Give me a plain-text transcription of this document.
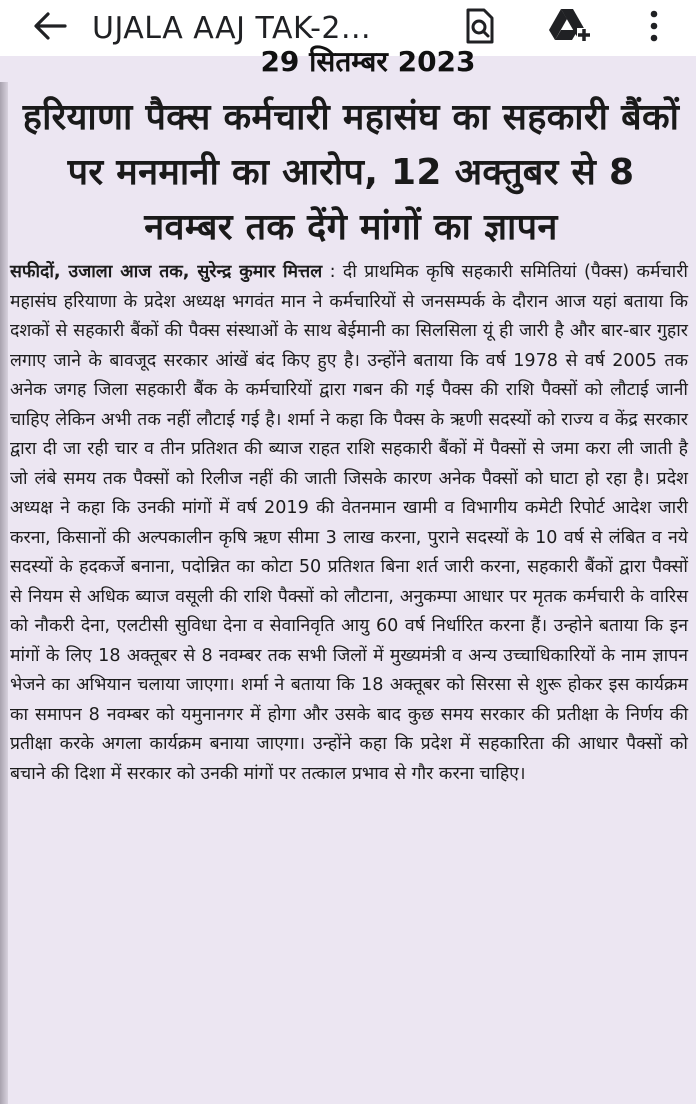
UJALA AAJ TAK-2...
29 सितम्बर 2023
हरियाणा पैक्स कर्मचारी महासंघ का सहकारी बैंकों पर मनमानी का आरोप, 12 अक्तुबर से 8 नवम्बर तक देंगे मांगों का ज्ञापन
सफीदों, उजाला आज तक, सुरेन्द्र कुमार मित्तल : दी प्राथमिक कृषि सहकारी समितियां (पैक्स) कर्मचारी महासंघ हरियाणा के प्रदेश अध्यक्ष भगवंत मान ने कर्मचारियों से जनसम्पर्क के दौरान आज यहां बताया कि दशकों से सहकारी बैंकों की पैक्स संस्थाओं के साथ बेईमानी का सिलसिला यूं ही जारी है और बार-बार गुहार लगाए जाने के बावजूद सरकार आंखें बंद किए हुए है। उन्होंने बताया कि वर्ष 1978 से वर्ष 2005 तक अनेक जगह जिला सहकारी बैंक के कर्मचारियों द्वारा गबन की गई पैक्स की राशि पैक्सों को लौटाई जानी चाहिए लेकिन अभी तक नहीं लौटाई गई है। शर्मा ने कहा कि पैक्स के ऋणी सदस्यों को राज्य व केंद्र सरकार द्वारा दी जा रही चार व तीन प्रतिशत की ब्याज राहत राशि सहकारी बैंकों में पैक्सों से जमा करा ली जाती है जो लंबे समय तक पैक्सों को रिलीज नहीं की जाती जिसके कारण अनेक पैक्सों को घाटा हो रहा है। प्रदेश अध्यक्ष ने कहा कि उनकी मांगों में वर्ष 2019 की वेतनमान खामी व विभागीय कमेटी रिपोर्ट आदेश जारी करना, किसानों की अल्पकालीन कृषि ऋण सीमा 3 लाख करना, पुराने सदस्यों के 10 वर्ष से लंबित व नये सदस्यों के हदकर्जे बनाना, पदोन्नित का कोटा 50 प्रतिशत बिना शर्त जारी करना, सहकारी बैंकों द्वारा पैक्सों से नियम से अधिक ब्याज वसूली की राशि पैक्सों को लौटाना, अनुकम्पा आधार पर मृतक कर्मचारी के वारिस को नौकरी देना, एलटीसी सुविधा देना व सेवानिवृति आयु 60 वर्ष निर्धारित करना हैं। उन्होने बताया कि इन मांगों के लिए 18 अक्तूबर से 8 नवम्बर तक सभी जिलों में मुख्यमंत्री व अन्य उच्चाधिकारियों के नाम ज्ञापन भेजने का अभियान चलाया जाएगा। शर्मा ने बताया कि 18 अक्तूबर को सिरसा से शुरू होकर इस कार्यक्रम का समापन 8 नवम्बर को यमुनानगर में होगा और उसके बाद कुछ समय सरकार की प्रतीक्षा के निर्णय की प्रतीक्षा करके अगला कार्यक्रम बनाया जाएगा। उन्होंने कहा कि प्रदेश में सहकारिता की आधार पैक्सों को बचाने की दिशा में सरकार को उनकी मांगों पर तत्काल प्रभाव से गौर करना चाहिए।
